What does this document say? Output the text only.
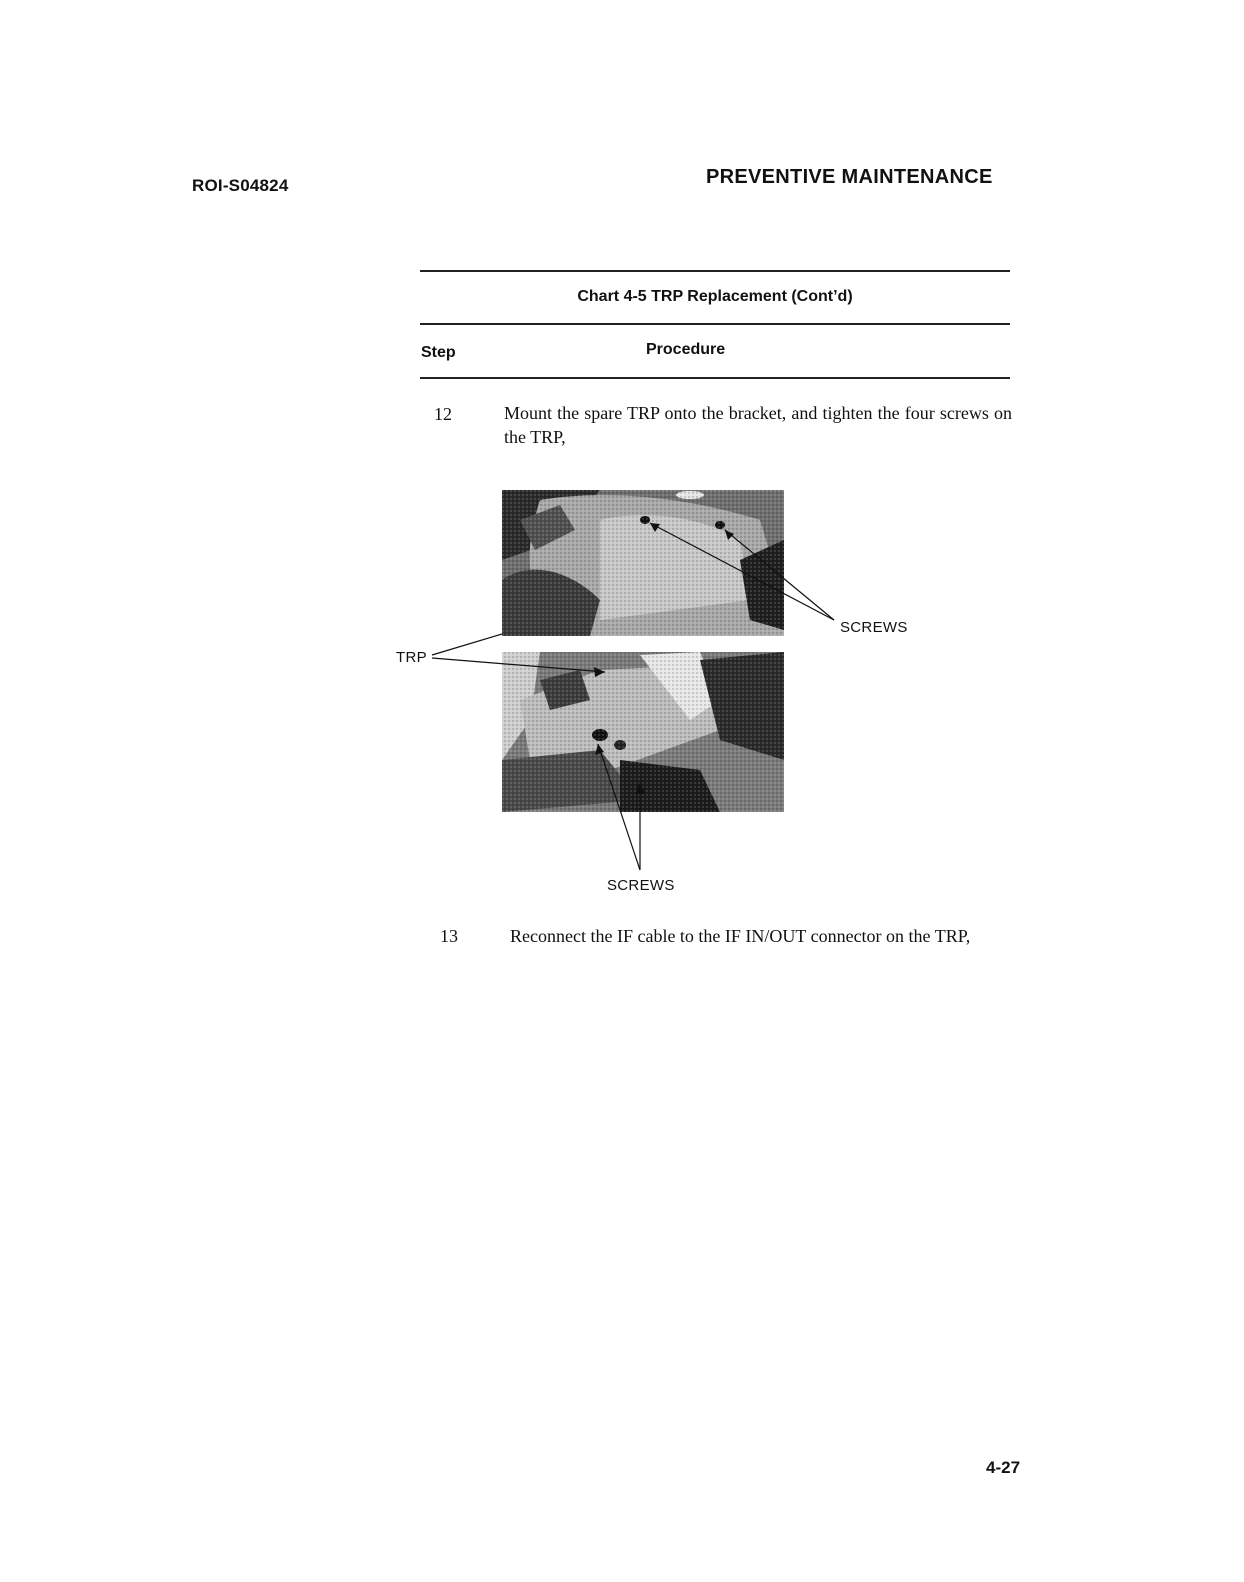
ROI-S04824	PREVENTIVE MAINTENANCE
Chart 4-5 TRP Replacement (Cont’d)
Step	Procedure
12	Mount the spare TRP onto the bracket, and tighten the four screws on the TRP,
SCREWS
TRP
SCREWS
13	Reconnect the IF cable to the IF IN/OUT connector on the TRP,
4-27
